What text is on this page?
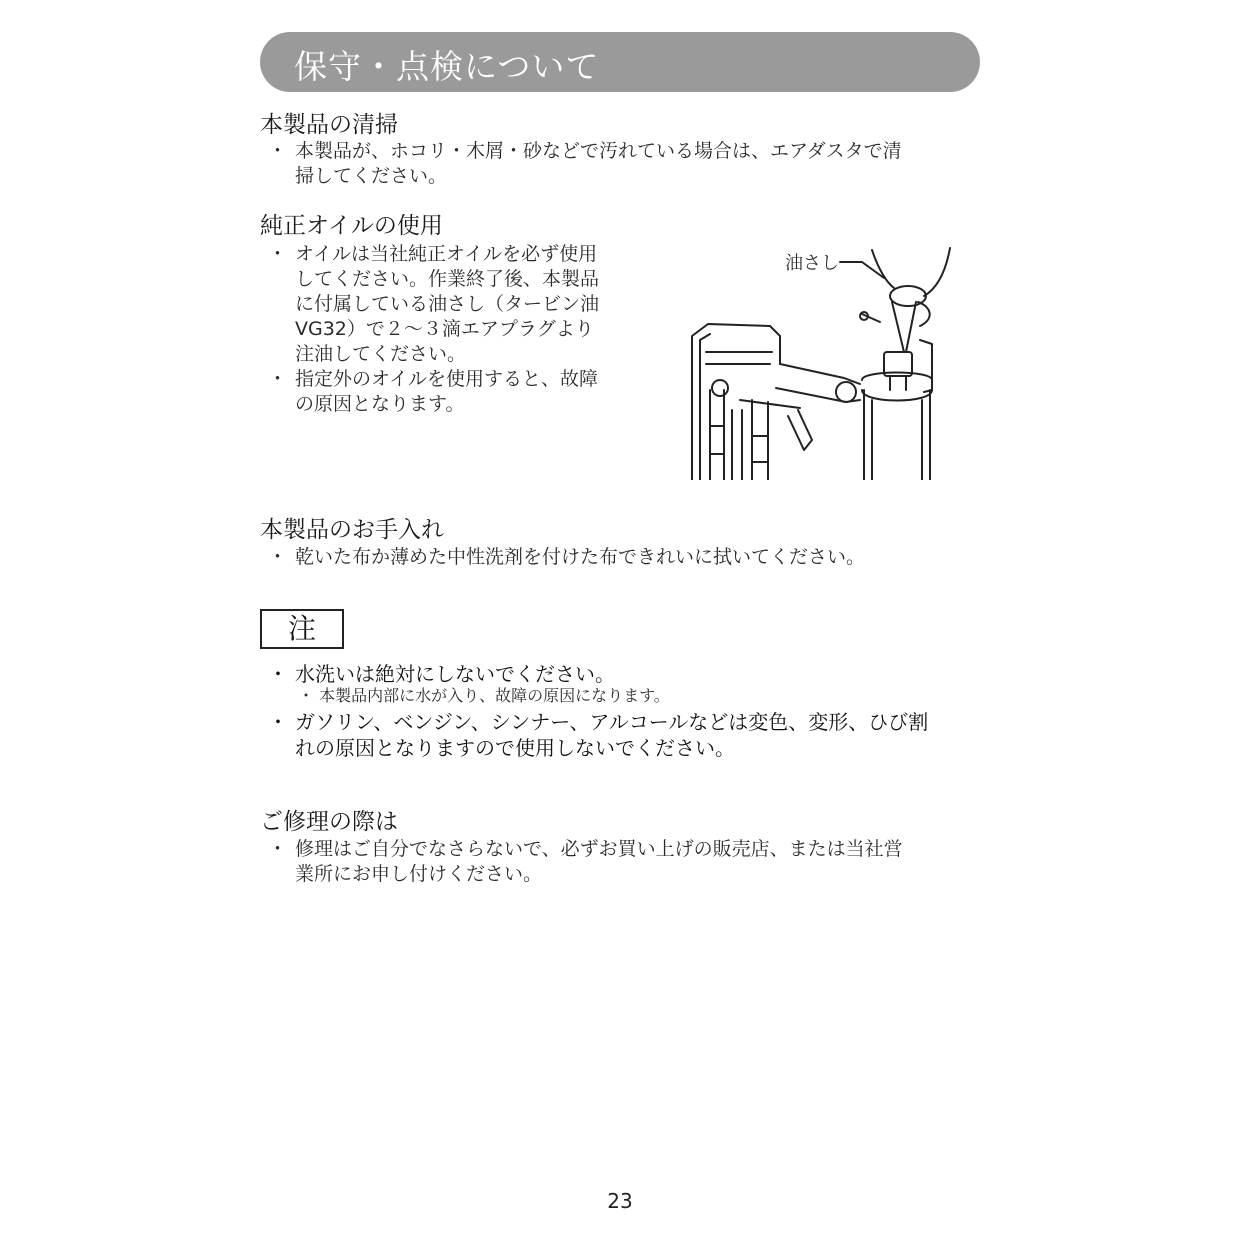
保守・点検について
本製品の清掃
・ 本製品が、ホコリ・木屑・砂などで汚れている場合は、エアダスタで清
掃してください。
純正オイルの使用
・ オイルは当社純正オイルを必ず使用
してください。作業終了後、本製品
に付属している油さし（タービン油
VG32）で２～３滴エアプラグより
注油してください。
・ 指定外のオイルを使用すると、故障
の原因となります。
油さし
本製品のお手入れ
・ 乾いた布か薄めた中性洗剤を付けた布できれいに拭いてください。
注
・ 水洗いは絶対にしないでください。
・ 本製品内部に水が入り、故障の原因になります。
・ ガソリン、ベンジン、シンナー、アルコールなどは変色、変形、ひび割
れの原因となりますので使用しないでください。
ご修理の際は
・ 修理はご自分でなさらないで、必ずお買い上げの販売店、または当社営
業所にお申し付けください。
23
